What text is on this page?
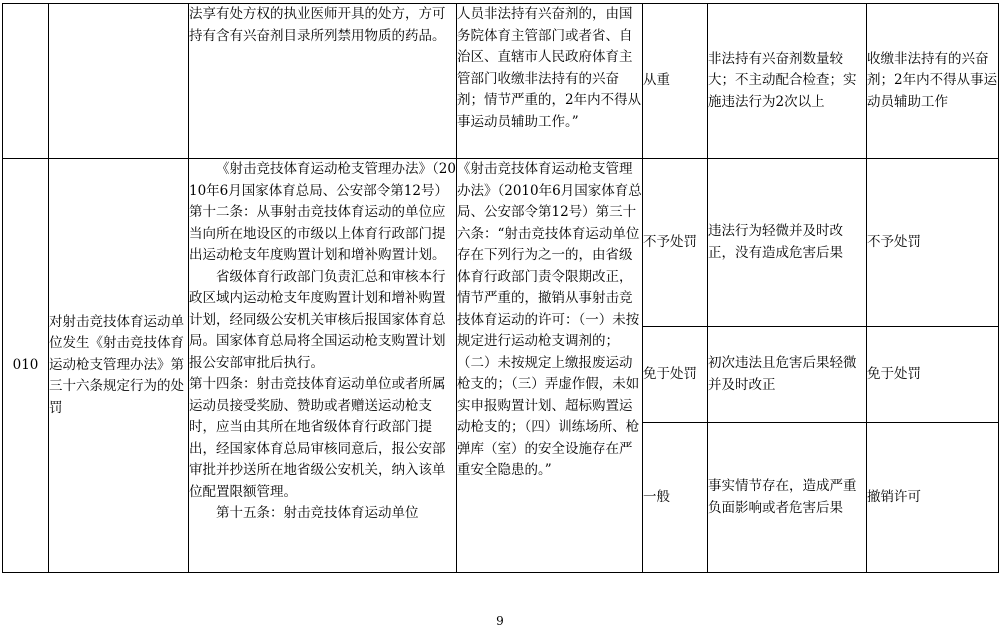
		法享有处方权的执业医师开具的处方，方可持有含有兴奋剂目录所列禁用物质的药品。	人员非法持有兴奋剂的，由国务院体育主管部门或者省、自治区、直辖市人民政府体育主管部门收缴非法持有的兴奋剂；情节严重的，2年内不得从事运动员辅助工作。”	从重	非法持有兴奋剂数量较大；不主动配合检查；实施违法行为2次以上	收缴非法持有的兴奋剂；2年内不得从事运动员辅助工作

010	对射击竞技体育运动单位发生《射击竞技体育运动枪支管理办法》第三十六条规定行为的处罚	《射击竞技体育运动枪支管理办法》（2010年6月国家体育总局、公安部令第12号）第十二条：从事射击竞技体育运动的单位应当向所在地设区的市级以上体育行政部门提出运动枪支年度购置计划和增补购置计划。
省级体育行政部门负责汇总和审核本行政区域内运动枪支年度购置计划和增补购置计划，经同级公安机关审核后报国家体育总局。国家体育总局将全国运动枪支购置计划报公安部审批后执行。
第十四条：射击竞技体育运动单位或者所属运动员接受奖励、赞助或者赠送运动枪支时，应当由其所在地省级体育行政部门提出，经国家体育总局审核同意后，报公安部审批并抄送所在地省级公安机关，纳入该单位配置限额管理。
第十五条：射击竞技体育运动单位	《射击竞技体育运动枪支管理办法》（2010年6月国家体育总局、公安部令第12号）第三十六条：“射击竞技体育运动单位存在下列行为之一的，由省级体育行政部门责令限期改正，情节严重的，撤销从事射击竞技体育运动的许可：（一）未按规定进行运动枪支调剂的；（二）未按规定上缴报废运动枪支的；（三）弄虚作假，未如实申报购置计划、超标购置运动枪支的；（四）训练场所、枪弹库（室）的安全设施存在严重安全隐患的。”	不予处罚	违法行为轻微并及时改正，没有造成危害后果	不予处罚

				免于处罚	初次违法且危害后果轻微并及时改正	免于处罚

				一般	事实情节存在，造成严重负面影响或者危害后果	撤销许可
9
